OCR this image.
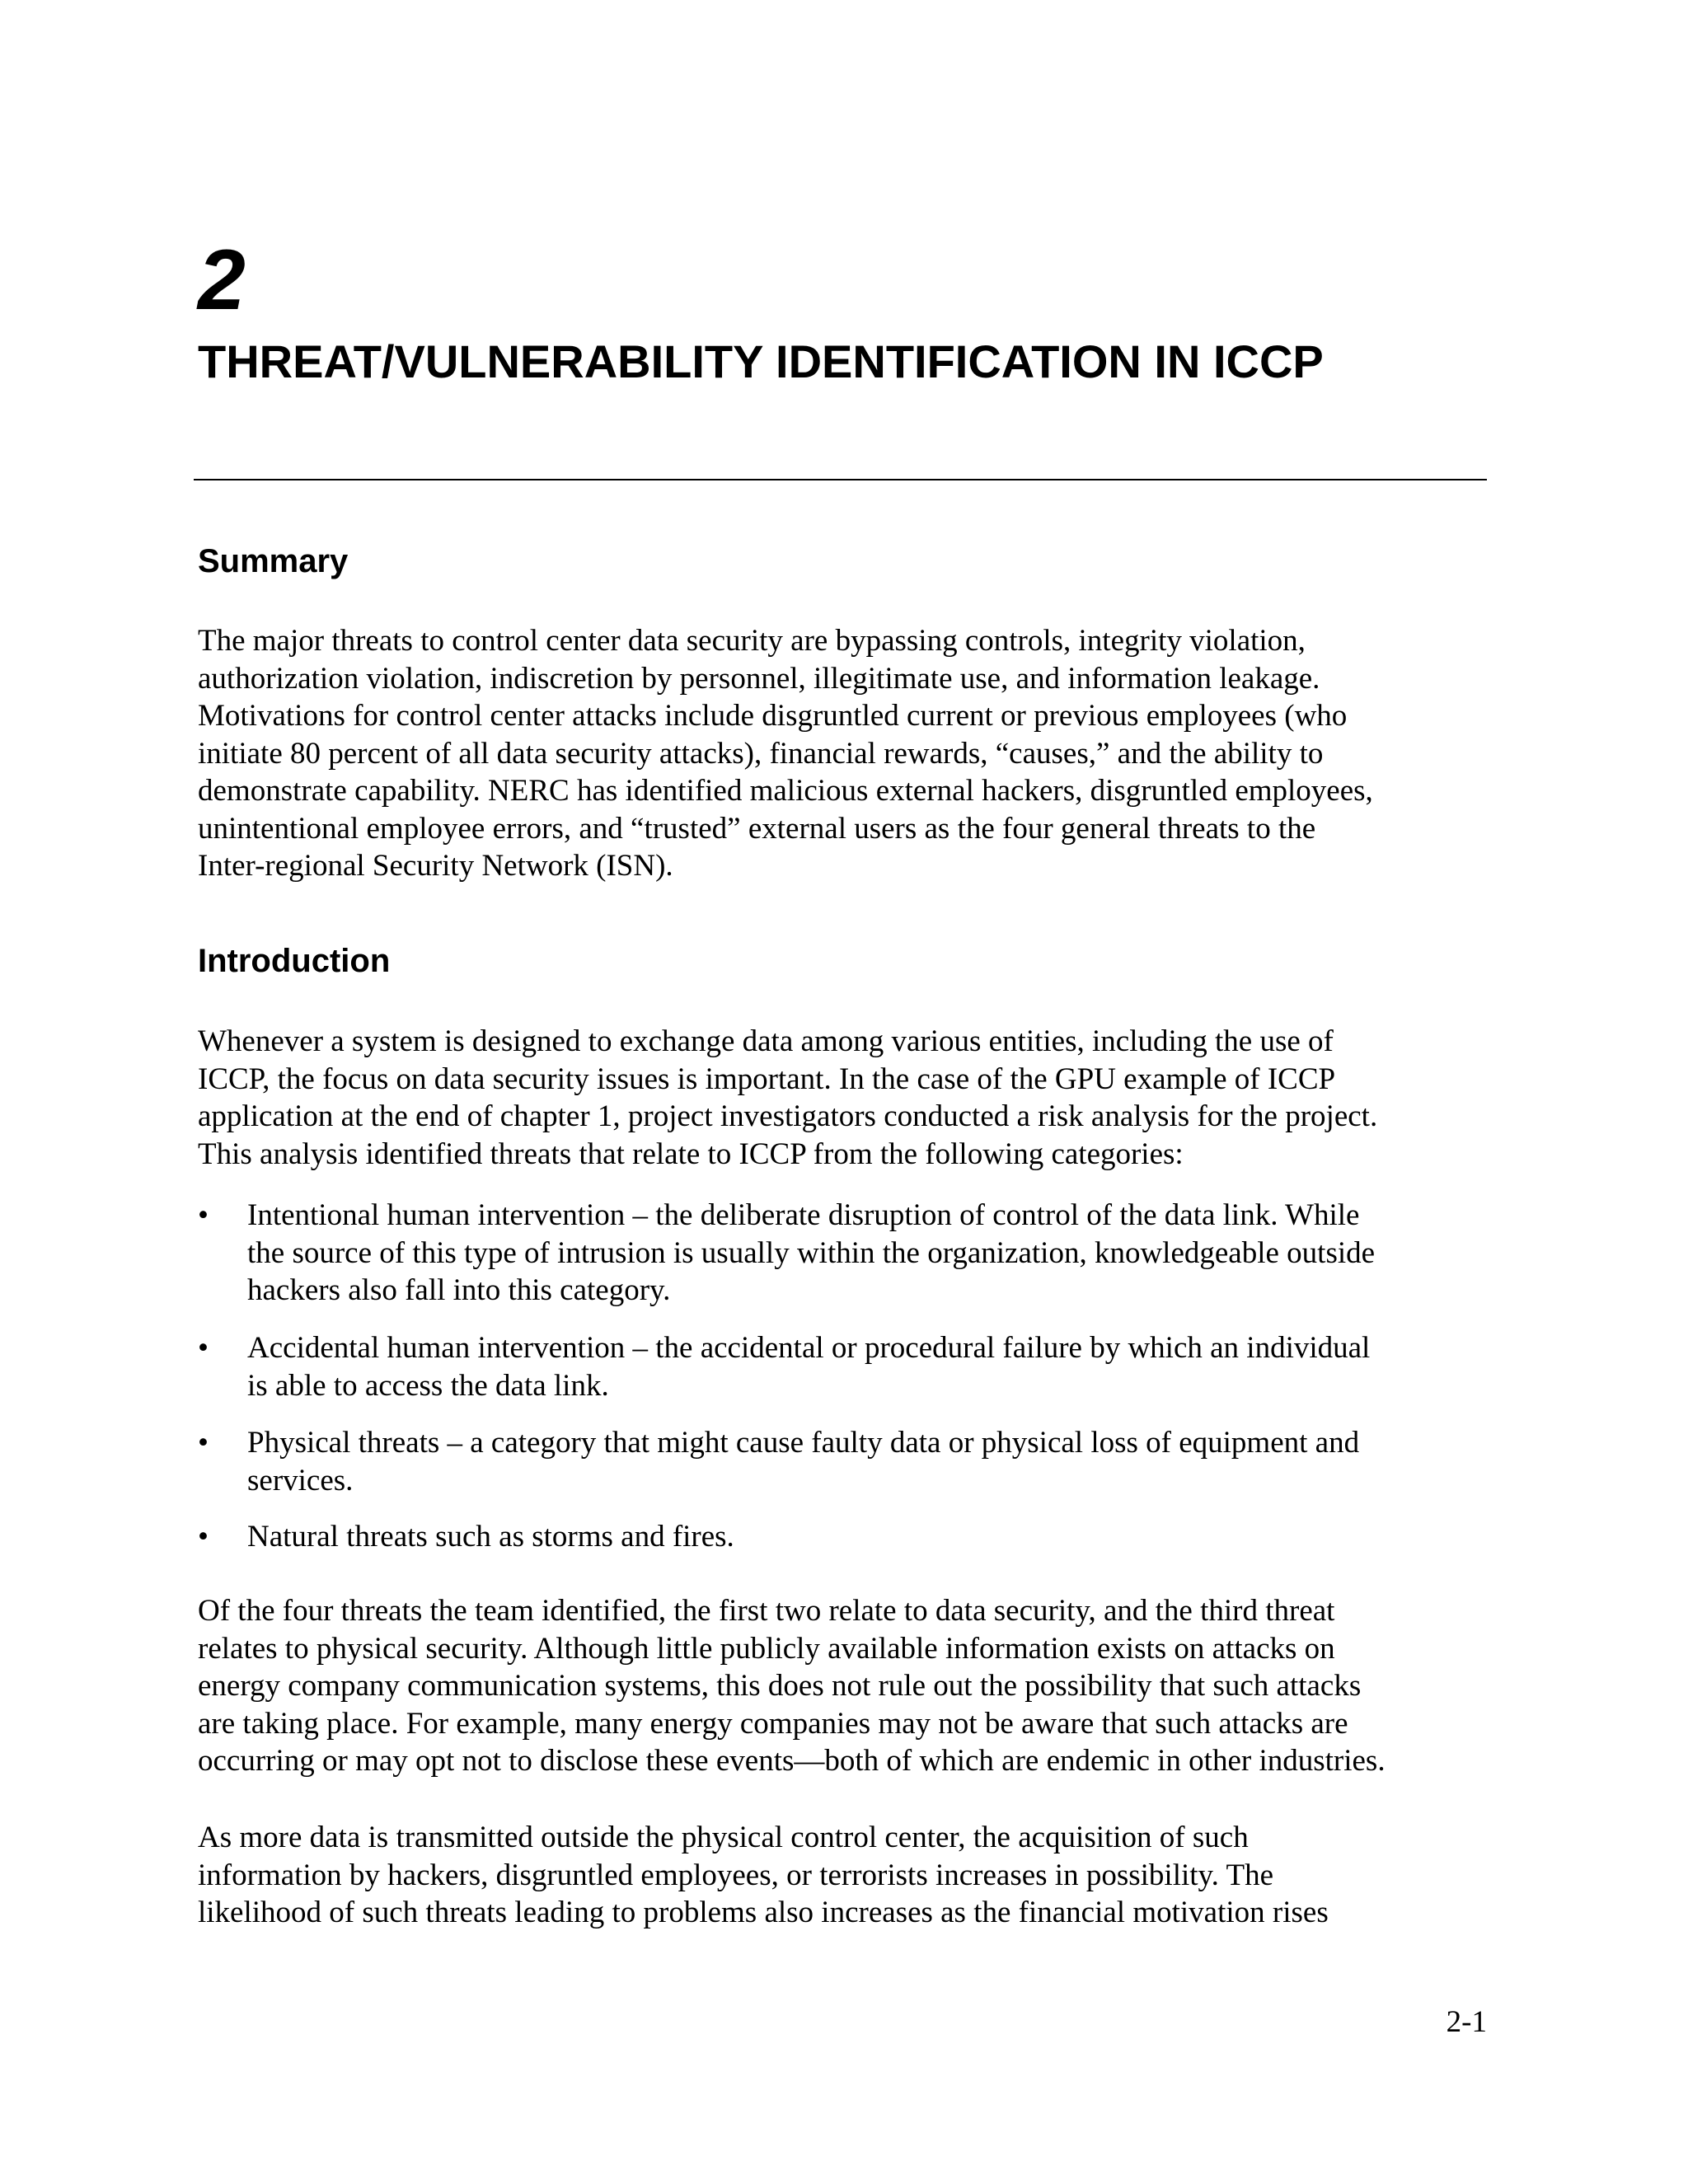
2
THREAT/VULNERABILITY IDENTIFICATION IN ICCP
Summary

The major threats to control center data security are bypassing controls, integrity violation,
authorization violation, indiscretion by personnel, illegitimate use, and information leakage.
Motivations for control center attacks include disgruntled current or previous employees (who
initiate 80 percent of all data security attacks), financial rewards, “causes,” and the ability to
demonstrate capability. NERC has identified malicious external hackers, disgruntled employees,
unintentional employee errors, and “trusted” external users as the four general threats to the
Inter-regional Security Network (ISN).

Introduction

Whenever a system is designed to exchange data among various entities, including the use of
ICCP, the focus on data security issues is important. In the case of the GPU example of ICCP
application at the end of chapter 1, project investigators conducted a risk analysis for the project.
This analysis identified threats that relate to ICCP from the following categories:

•	Intentional human intervention – the deliberate disruption of control of the data link. While
the source of this type of intrusion is usually within the organization, knowledgeable outside
hackers also fall into this category.
•	Accidental human intervention – the accidental or procedural failure by which an individual
is able to access the data link.
•	Physical threats – a category that might cause faulty data or physical loss of equipment and
services.
•	Natural threats such as storms and fires.

Of the four threats the team identified, the first two relate to data security, and the third threat
relates to physical security. Although little publicly available information exists on attacks on
energy company communication systems, this does not rule out the possibility that such attacks
are taking place. For example, many energy companies may not be aware that such attacks are
occurring or may opt not to disclose these events—both of which are endemic in other industries.

As more data is transmitted outside the physical control center, the acquisition of such
information by hackers, disgruntled employees, or terrorists increases in possibility. The
likelihood of such threats leading to problems also increases as the financial motivation rises

2-1
